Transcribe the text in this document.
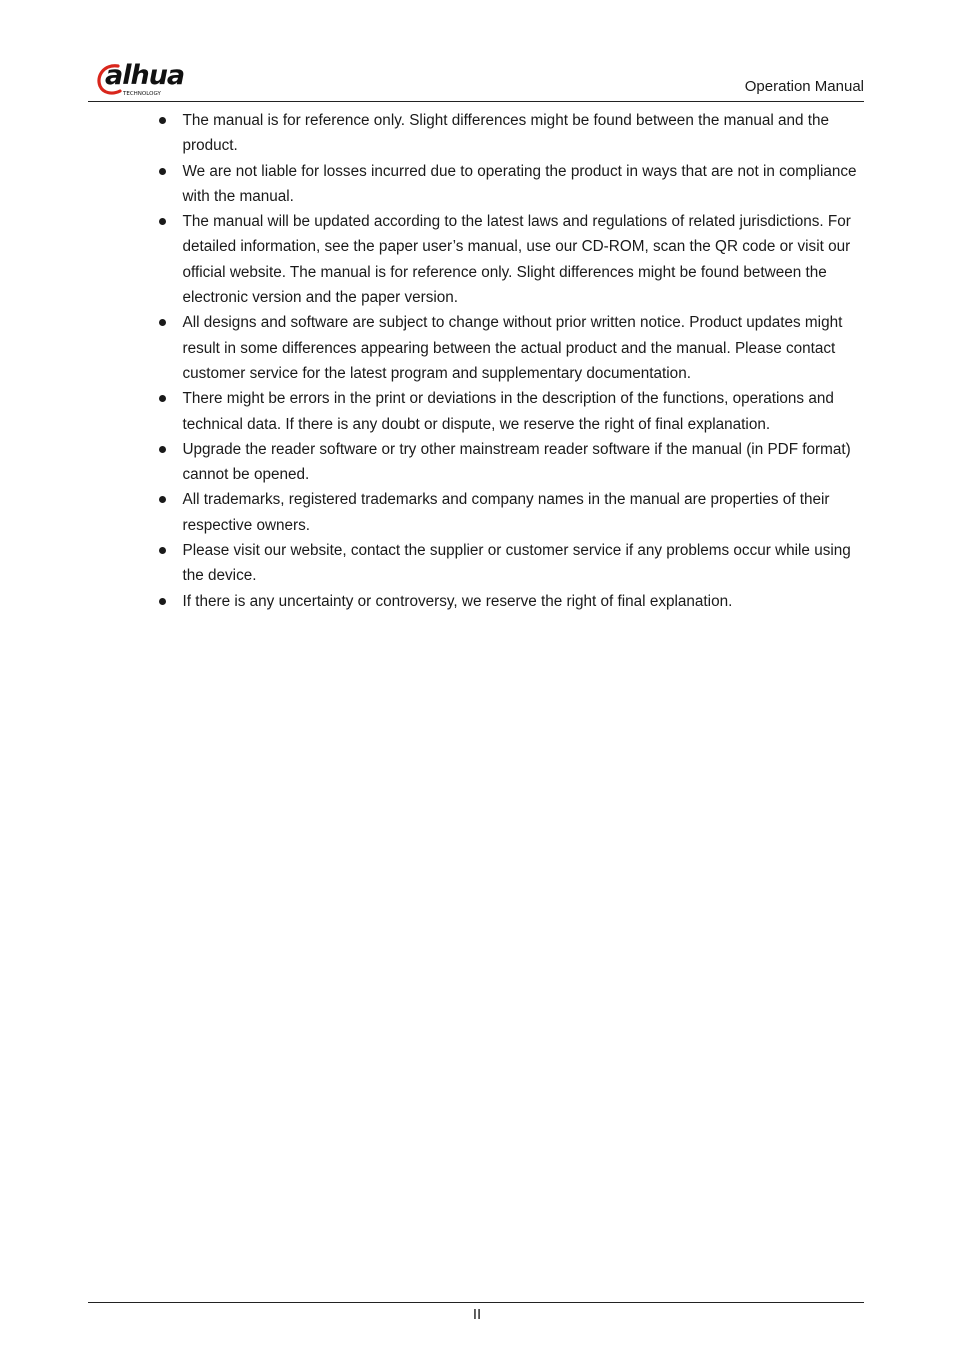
alhua
TECHNOLOGY	Operation Manual
The manual is for reference only. Slight differences might be found between the manual and the product.
We are not liable for losses incurred due to operating the product in ways that are not in compliance with the manual.
The manual will be updated according to the latest laws and regulations of related jurisdictions. For detailed information, see the paper user’s manual, use our CD-ROM, scan the QR code or visit our official website. The manual is for reference only. Slight differences might be found between the electronic version and the paper version.
All designs and software are subject to change without prior written notice. Product updates might result in some differences appearing between the actual product and the manual. Please contact customer service for the latest program and supplementary documentation.
There might be errors in the print or deviations in the description of the functions, operations and technical data. If there is any doubt or dispute, we reserve the right of final explanation.
Upgrade the reader software or try other mainstream reader software if the manual (in PDF format) cannot be opened.
All trademarks, registered trademarks and company names in the manual are properties of their respective owners.
Please visit our website, contact the supplier or customer service if any problems occur while using the device.
If there is any uncertainty or controversy, we reserve the right of final explanation.
II
